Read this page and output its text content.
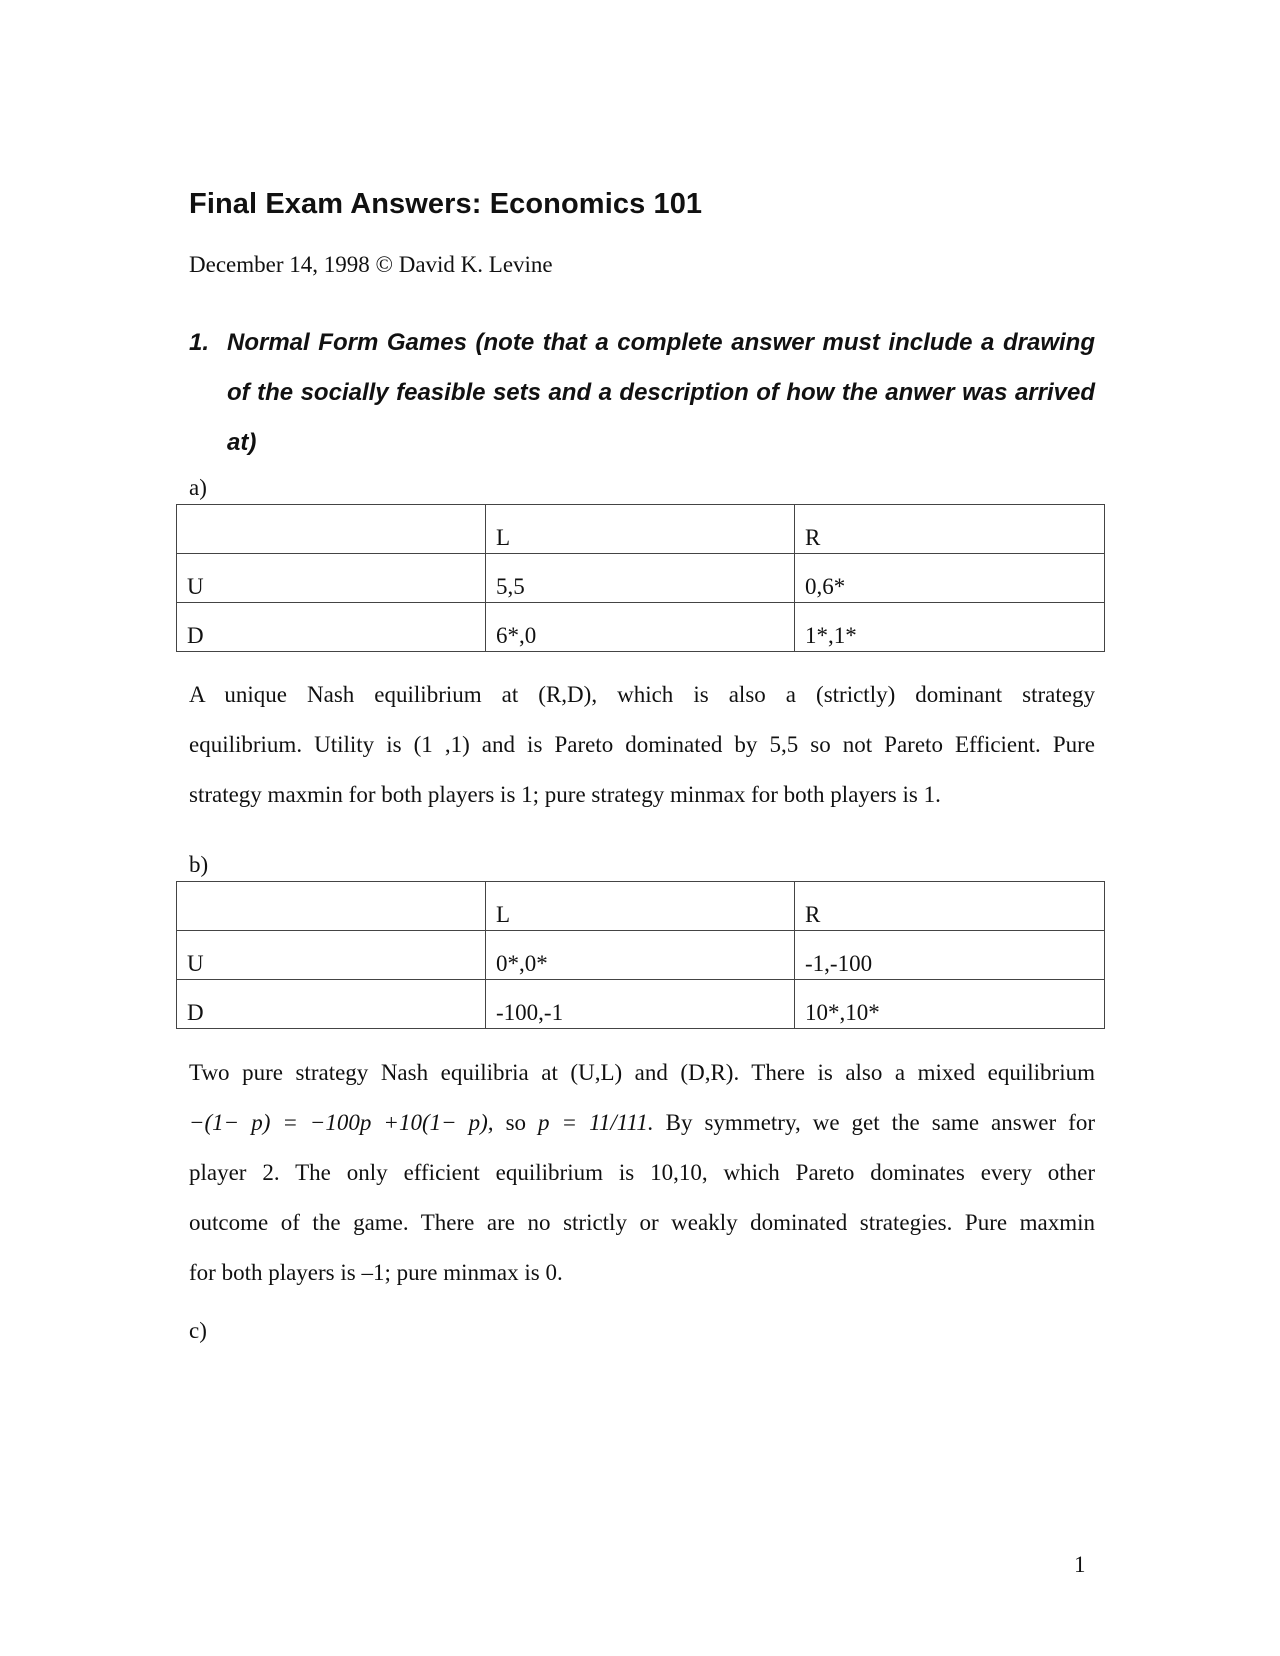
Final Exam Answers: Economics 101

December 14, 1998 © David K. Levine

1. Normal Form Games (note that a complete answer must include a drawing of the socially feasible sets and a description of how the anwer was arrived at)

a)

	L	R
U	5,5	0,6*
D	6*,0	1*,1*
A unique Nash equilibrium at (R,D), which is also a (strictly) dominant strategy
equilibrium. Utility is (1 ,1) and is Pareto dominated by 5,5 so not Pareto Efficient. Pure
strategy maxmin for both players is 1; pure strategy minmax for both players is 1.

b)

	L	R
U	0*,0*	-1,-100
D	-100,-1	10*,10*
Two pure strategy Nash equilibria at (U,L) and (D,R). There is also a mixed equilibrium
−(1− p) = −100p +10(1− p), so p = 11/111. By symmetry, we get the same answer for
player 2. The only efficient equilibrium is 10,10, which Pareto dominates every other
outcome of the game. There are no strictly or weakly dominated strategies. Pure maxmin
for both players is –1; pure minmax is 0.

c)

1
